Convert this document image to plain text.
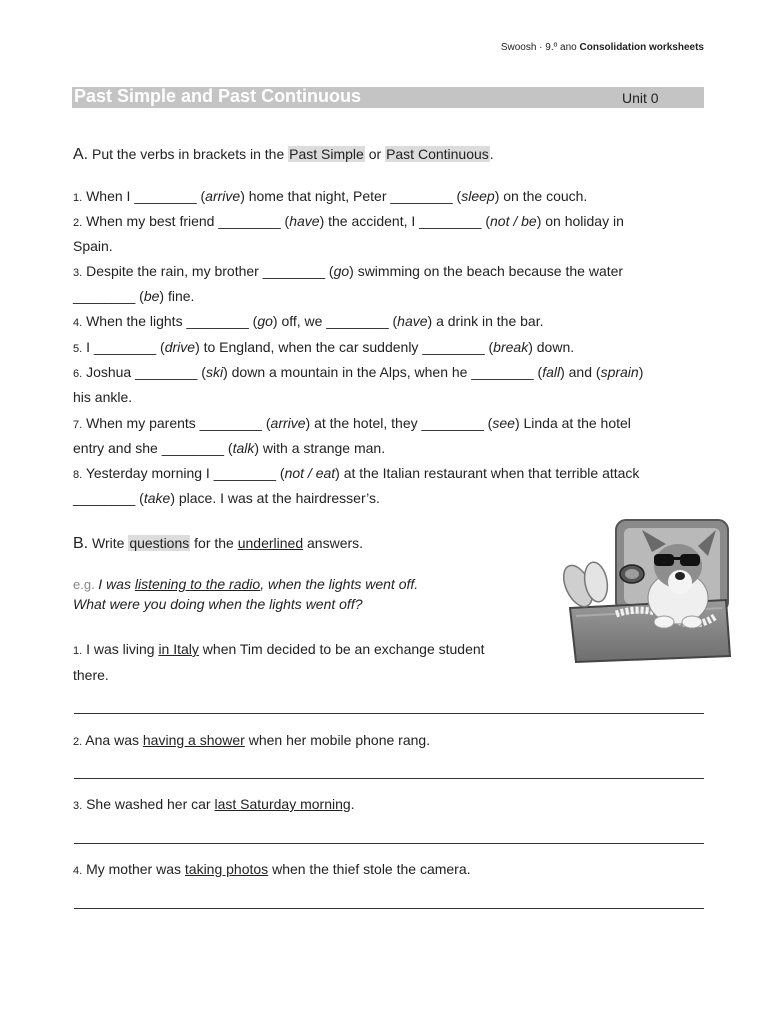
Swoosh · 9.º ano Consolidation worksheets
Past Simple and Past Continuous	Unit 0
A. Put the verbs in brackets in the Past Simple or Past Continuous.
1. When I ________ (arrive) home that night, Peter ________ (sleep) on the couch.
2. When my best friend ________ (have) the accident, I ________ (not / be) on holiday in
Spain.
3. Despite the rain, my brother ________ (go) swimming on the beach because the water
________ (be) fine.
4. When the lights ________ (go) off, we ________ (have) a drink in the bar.
5. I ________ (drive) to England, when the car suddenly ________ (break) down.
6. Joshua ________ (ski) down a mountain in the Alps, when he ________ (fall) and (sprain)
his ankle.
7. When my parents ________ (arrive) at the hotel, they ________ (see) Linda at the hotel
entry and she ________ (talk) with a strange man.
8. Yesterday morning I ________ (not / eat) at the Italian restaurant when that terrible attack
________ (take) place. I was at the hairdresser’s.
B. Write questions for the underlined answers.
e.g. I was listening to the radio, when the lights went off.
What were you doing when the lights went off?
1. I was living in Italy when Tim decided to be an exchange student
there.
2. Ana was having a shower when her mobile phone rang.
3. She washed her car last Saturday morning.
4. My mother was taking photos when the thief stole the camera.
